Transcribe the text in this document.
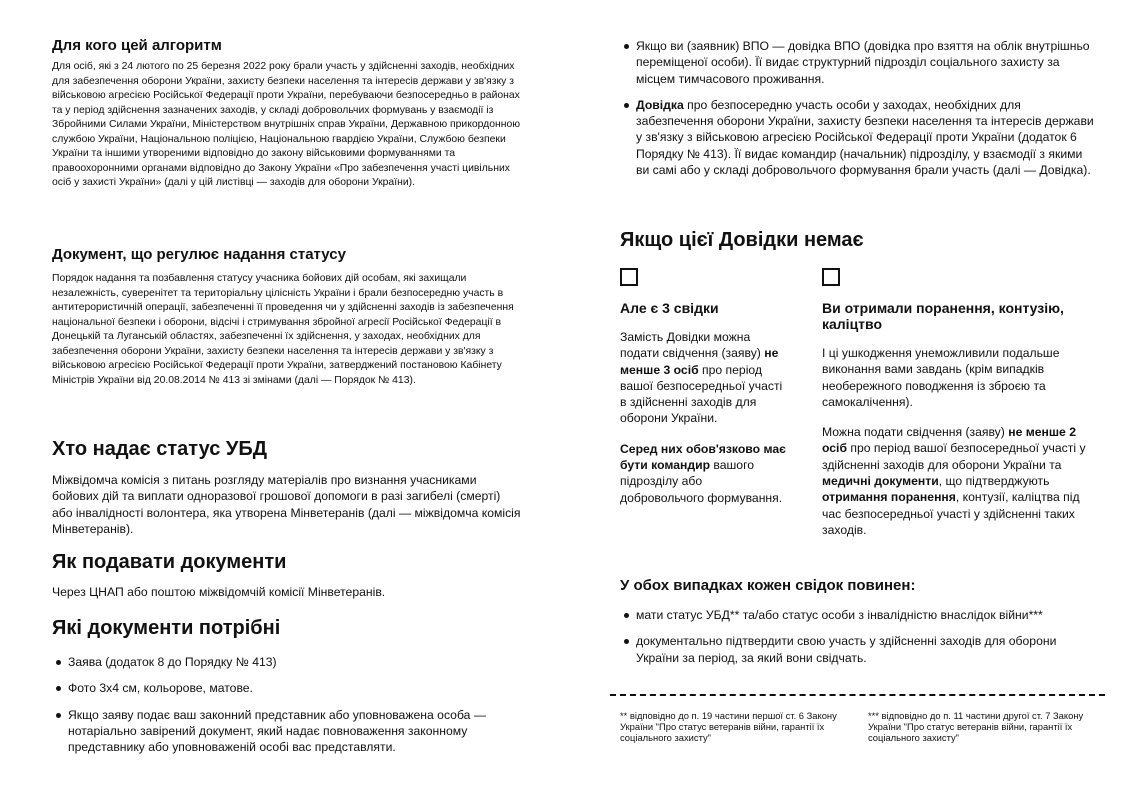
Для кого цей алгоритм

Для осіб, які з 24 лютого по 25 березня 2022 року брали участь у здійсненні заходів, необхідних для забезпечення оборони України, захисту безпеки населення та інтересів держави у зв'язку з військовою агресією Російської Федерації проти України, перебуваючи безпосередньо в районах та у період здійснення зазначених заходів, у складі добровольчих формувань у взаємодії із Збройними Силами України, Міністерством внутрішніх справ України, Державною прикордонною службою України, Національною поліцією, Національною гвардією України, Службою безпеки України та іншими утвореними відповідно до закону військовими формуваннями та правоохоронними органами відповідно до Закону України «Про забезпечення участі цивільних осіб у захисті України» (далі у цій листівці — заходів для оборони України).

Документ, що регулює надання статусу

Порядок надання та позбавлення статусу учасника бойових дій особам, які захищали незалежність, суверенітет та територіальну цілісність України і брали безпосередню участь в антитерористичній операції, забезпеченні її проведення чи у здійсненні заходів із забезпечення національної безпеки і оборони, відсічі і стримування збройної агресії Російської Федерації в Донецькій та Луганській областях, забезпеченні їх здійснення, у заходах, необхідних для забезпечення оборони України, захисту безпеки населення та інтересів держави у зв'язку з військовою агресією Російської Федерації проти України, затверджений постановою Кабінету Міністрів України від 20.08.2014 № 413 зі змінами (далі — Порядок № 413).

Хто надає статус УБД

Міжвідомча комісія з питань розгляду матеріалів про визнання учасниками бойових дій та виплати одноразової грошової допомоги в разі загибелі (смерті) або інвалідності волонтера, яка утворена Мінветеранів (далі — міжвідомча комісія Мінветеранів).

Як подавати документи

Через ЦНАП або поштою міжвідомчій комісії Мінветеранів.

Які документи потрібні
Заява (додаток 8 до Порядку № 413)
Фото 3х4 см, кольорове, матове.
Якщо заяву подає ваш законний представник або уповноважена особа — нотаріально завірений документ, який надає повноваження законному представнику або уповноваженій особі вас представляти.
Якщо ви (заявник) ВПО — довідка ВПО (довідка про взяття на облік внутрішньо переміщеної особи). Її видає структурний підрозділ соціального захисту за місцем тимчасового проживання.
Довідка про безпосередню участь особи у заходах, необхідних для забезпечення оборони України, захисту безпеки населення та інтересів держави у зв'язку з військовою агресією Російської Федерації проти України (додаток 6 Порядку № 413). Її видає командир (начальник) підрозділу, у взаємодії з якими ви самі або у складі добровольчого формування брали участь (далі — Довідка).
Якщо цієї Довідки немає
Але є 3 свідки

Замість Довідки можна подати свідчення (заяву) не менше 3 осіб про період вашої безпосередньої участі в здійсненні заходів для оборони України.

Серед них обов'язково має бути командир вашого підрозділу або добровольчого формування.

Ви отримали поранення, контузію, каліцтво

І ці ушкодження унеможливили подальше виконання вами завдань (крім випадків необережного поводження із зброєю та самокалічення).

Можна подати свідчення (заяву) не менше 2 осіб про період вашої безпосередньої участі у здійсненні заходів для оборони України та медичні документи, що підтверджують отримання поранення, контузії, каліцтва під час безпосередньої участі у здійсненні таких заходів.

У обох випадках кожен свідок повинен:
мати статус УБД** та/або статус особи з інвалідністю внаслідок війни***
документально підтвердити свою участь у здійсненні заходів для оборони України за період, за який вони свідчать.

** відповідно до п. 19 частини першої ст. 6 Закону України "Про статус ветеранів війни, гарантії їх соціального захисту"

*** відповідно до п. 11 частини другої ст. 7 Закону України "Про статус ветеранів війни, гарантії їх соціального захисту"
